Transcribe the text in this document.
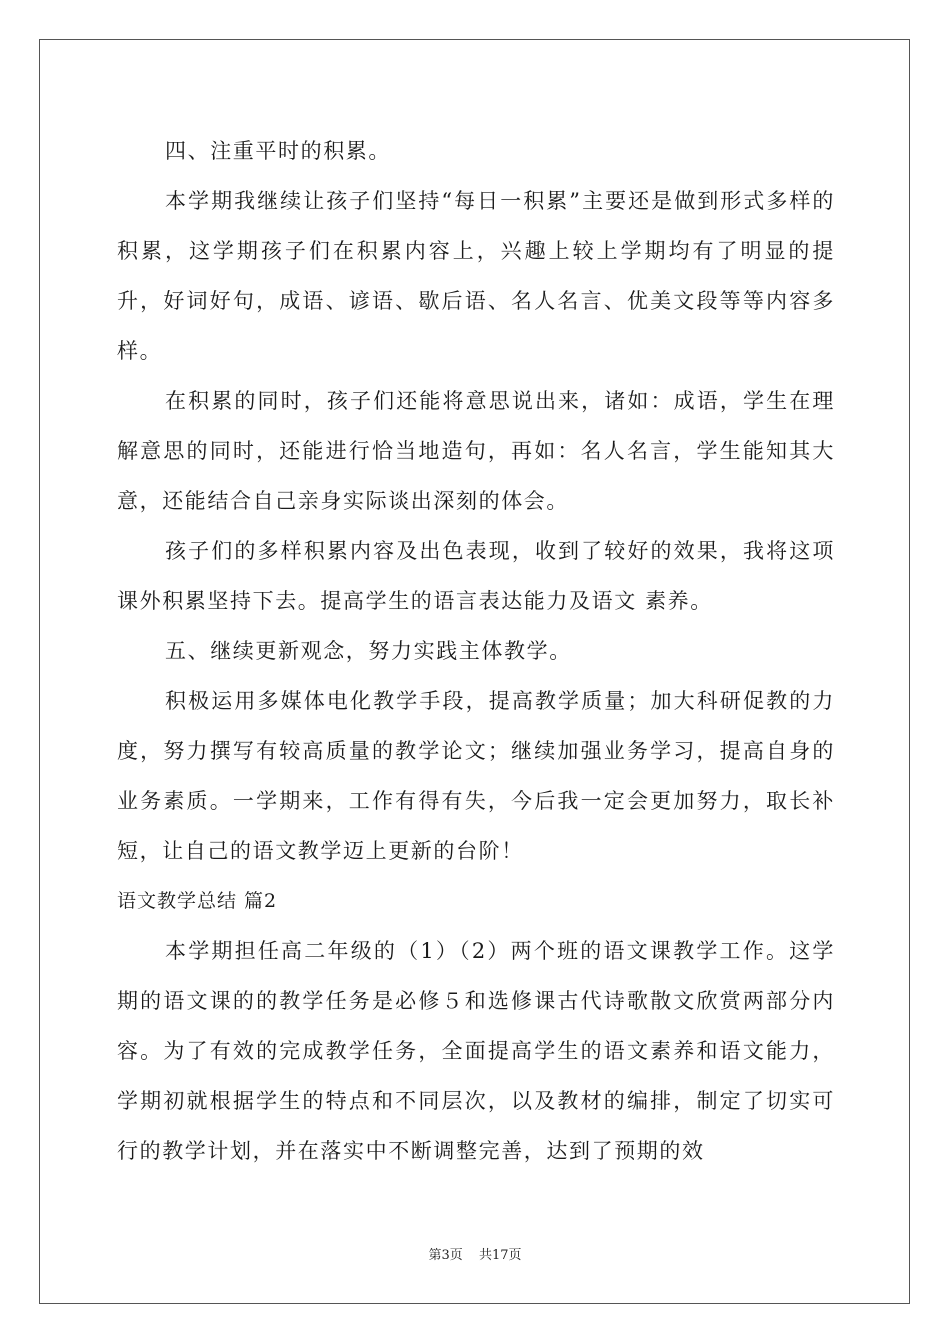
四、注重平时的积累。

本学期我继续让孩子们坚持“每日一积累”主要还是做到形式多样的积累，这学期孩子们在积累内容上，兴趣上较上学期均有了明显的提升，好词好句，成语、谚语、歇后语、名人名言、优美文段等等内容多样。

在积累的同时，孩子们还能将意思说出来，诸如：成语，学生在理解意思的同时，还能进行恰当地造句，再如：名人名言，学生能知其大意，还能结合自己亲身实际谈出深刻的体会。

孩子们的多样积累内容及出色表现，收到了较好的效果，我将这项课外积累坚持下去。提高学生的语言表达能力及语文 素养。

五、继续更新观念，努力实践主体教学。

积极运用多媒体电化教学手段，提高教学质量；加大科研促教的力度，努力撰写有较高质量的教学论文；继续加强业务学习，提高自身的业务素质。一学期来，工作有得有失，今后我一定会更加努力，取长补短，让自己的语文教学迈上更新的台阶！

语文教学总结 篇2

本学期担任高二年级的（1）（2）两个班的语文课教学工作。这学期的语文课的的教学任务是必修５和选修课古代诗歌散文欣赏两部分内容。为了有效的完成教学任务，全面提高学生的语文素养和语文能力，学期初就根据学生的特点和不同层次，以及教材的编排，制定了切实可行的教学计划，并在落实中不断调整完善，达到了预期的效

第3页 共17页
